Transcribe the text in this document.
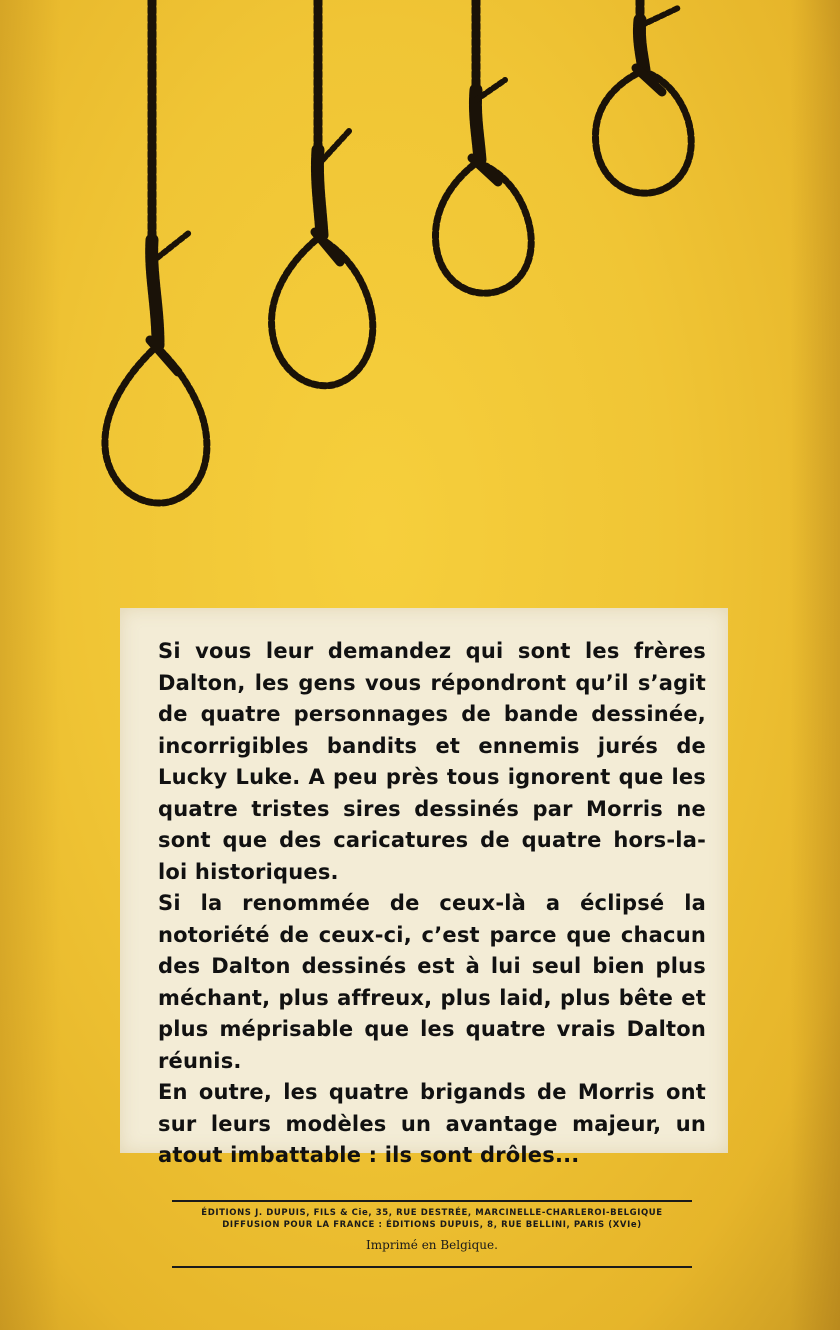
Si vous leur demandez qui sont les frères Dalton, les gens vous répondront qu’il s’agit de quatre personnages de bande dessinée, incorrigibles bandits et ennemis jurés de Lucky Luke. A peu près tous ignorent que les quatre tristes sires dessinés par Morris ne sont que des caricatures de quatre hors-la-loi historiques.

Si la renommée de ceux-là a éclipsé la notoriété de ceux-ci, c’est parce que chacun des Dalton dessinés est à lui seul bien plus méchant, plus affreux, plus laid, plus bête et plus méprisable que les quatre vrais Dalton réunis.

En outre, les quatre brigands de Morris ont sur leurs modèles un avantage majeur, un atout imbattable : ils sont drôles...

ÉDITIONS J. DUPUIS, FILS & Cie, 35, RUE DESTRÉE, MARCINELLE-CHARLEROI-BELGIQUE
DIFFUSION POUR LA FRANCE : ÉDITIONS DUPUIS, 8, RUE BELLINI, PARIS (XVIe)
Imprimé en Belgique.
